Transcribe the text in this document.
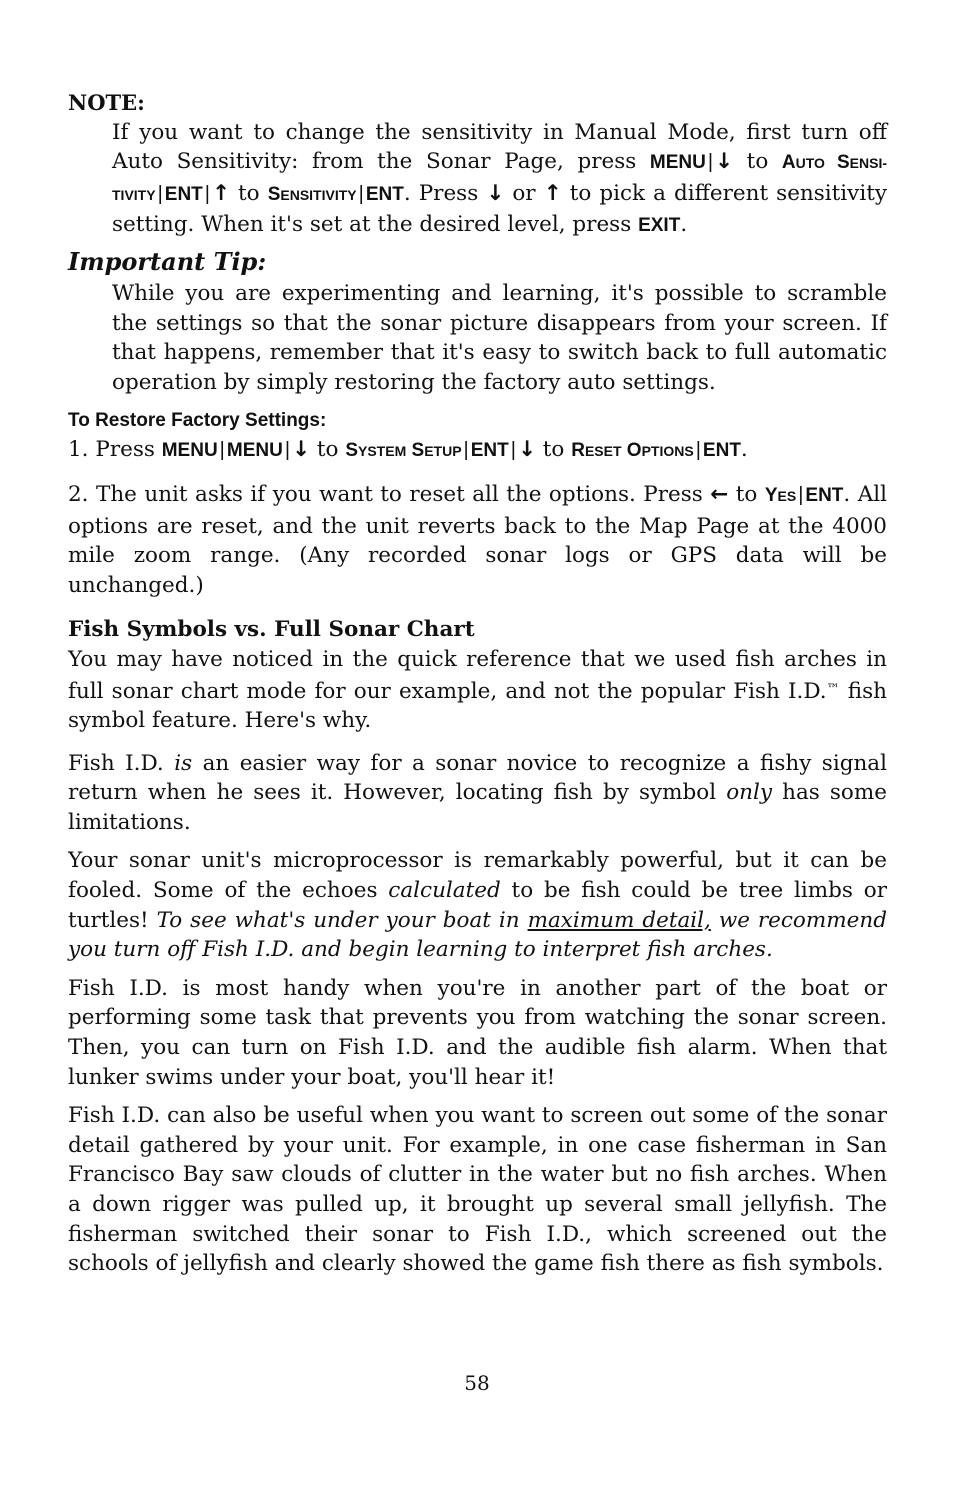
NOTE:

If you want to change the sensitivity in Manual Mode, first turn off Auto Sensitivity: from the Sonar Page, press MENU |↓ to AUTO SENSI- TIVITY | ENT |↑ to SENSITIVITY | ENT. Press ↓ or ↑ to pick a different sensitivity setting. When it's set at the desired level, press EXIT.

Important Tip:

While you are experimenting and learning, it's possible to scramble the settings so that the sonar picture disappears from your screen. If that happens, remember that it's easy to switch back to full automatic operation by simply restoring the factory auto settings.

To Restore Factory Settings:

1. Press MENU | MENU |↓ to SYSTEM SETUP | ENT |↓ to RESET OPTIONS | ENT.

2. The unit asks if you want to reset all the options. Press ← to YES | ENT. All options are reset, and the unit reverts back to the Map Page at the 4000 mile zoom range. (Any recorded sonar logs or GPS data will be unchanged.)

Fish Symbols vs. Full Sonar Chart

You may have noticed in the quick reference that we used fish arches in full sonar chart mode for our example, and not the popular Fish I.D.™ fish symbol feature. Here's why.

Fish I.D. is an easier way for a sonar novice to recognize a fishy signal return when he sees it. However, locating fish by symbol only has some limitations.

Your sonar unit's microprocessor is remarkably powerful, but it can be fooled. Some of the echoes calculated to be fish could be tree limbs or turtles! To see what's under your boat in maximum detail, we recommend you turn off Fish I.D. and begin learning to interpret fish arches.

Fish I.D. is most handy when you're in another part of the boat or performing some task that prevents you from watching the sonar screen. Then, you can turn on Fish I.D. and the audible fish alarm. When that lunker swims under your boat, you'll hear it!

Fish I.D. can also be useful when you want to screen out some of the sonar detail gathered by your unit. For example, in one case fisherman in San Francisco Bay saw clouds of clutter in the water but no fish arches. When a down rigger was pulled up, it brought up several small jellyfish. The fisherman switched their sonar to Fish I.D., which screened out the schools of jellyfish and clearly showed the game fish there as fish symbols.

58
